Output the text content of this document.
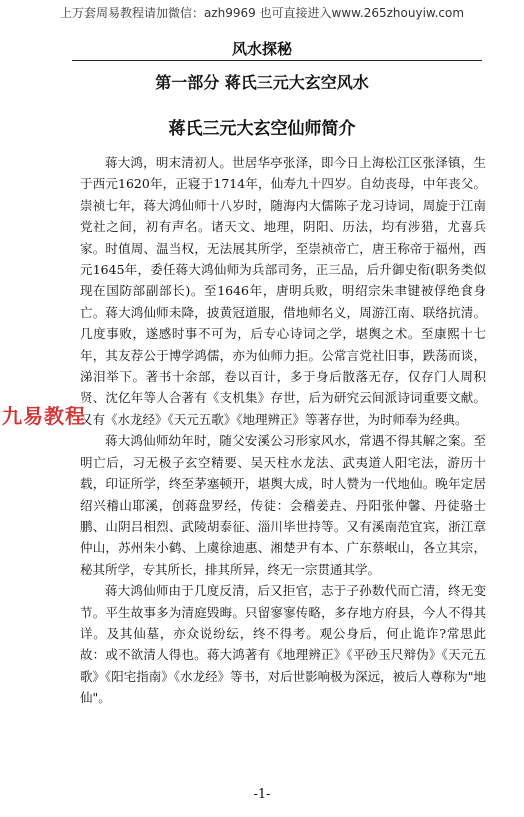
上万套周易教程请加微信：azh9969 也可直接进入www.265zhouyiw.com
风水探秘
第一部分 蒋氏三元大玄空风水
蒋氏三元大玄空仙师简介

蒋大鸿，明末清初人。世居华亭张泽，即今日上海松江区张泽镇，生于西元1620年，正寝于1714年，仙寿九十四岁。自幼丧母，中年丧父。崇祯七年，蒋大鸿仙师十八岁时，随海内大儒陈子龙习诗词，周旋于江南党社之间，初有声名。诸天文、地理，阴阳、历法，均有涉猎，尤喜兵家。时值周、温当权，无法展其所学，至崇祯帝亡，唐王称帝于福州，西元1645年，委任蒋大鸿仙师为兵部司务，正三品，后升御史衔(职务类似现在国防部副部长)。至1646年，唐明兵败，明绍宗朱聿键被俘绝食身亡。蒋大鸿仙师未降，披黄冠道服，借地师名义，周游江南、联络抗清。几度事败，遂感时事不可为，后专心诗词之学，堪舆之术。至康熙十七年，其友荐公于博学鸿儒，亦为仙师力拒。公常言党社旧事，跌荡而谈，涕泪举下。著书十余部，卷以百计，多于身后散落无存，仅存门人周积贤、沈亿年等人合著有《支机集》存世，后为研究云间派诗词重要文献。又有《水龙经》《天元五歌》《地理辨正》等著存世，为时师奉为经典。

蒋大鸿仙师幼年时，随父安溪公习形家风水，常遇不得其解之案。至明亡后，习无极子玄空精要、吴天柱水龙法、武夷道人阳宅法，游历十载，印证所学，终至茅塞顿开，堪舆大成，时人赞为一代地仙。晚年定居绍兴稽山耶溪，创蒋盘罗经，传徒：会稽姜垚、丹阳张仲馨、丹徒骆士鹏、山阴吕相烈、武陵胡泰征、淄川毕世持等。又有溪南范宜宾，浙江章仲山，苏州朱小鹤、上虞徐迪惠、湘楚尹有本、广东蔡岷山，各立其宗，秘其所学，专其所长，排其所异，终无一宗贯通其学。

蒋大鸿仙师由于几度反清，后又拒官，志于子孙数代而亡清，终无变节。平生故事多为清庭毁晦。只留寥寥传略，多存地方府县，今人不得其详。及其仙墓，亦众说纷纭，终不得考。观公身后，何止诡诈?常思此故：或不欲清人得也。蒋大鸿著有《地理辨正》《平砂玉尺辩伪》《天元五歌》《阳宅指南》《水龙经》等书，对后世影响极为深远，被后人尊称为"地仙"。

九易教程
-1-
